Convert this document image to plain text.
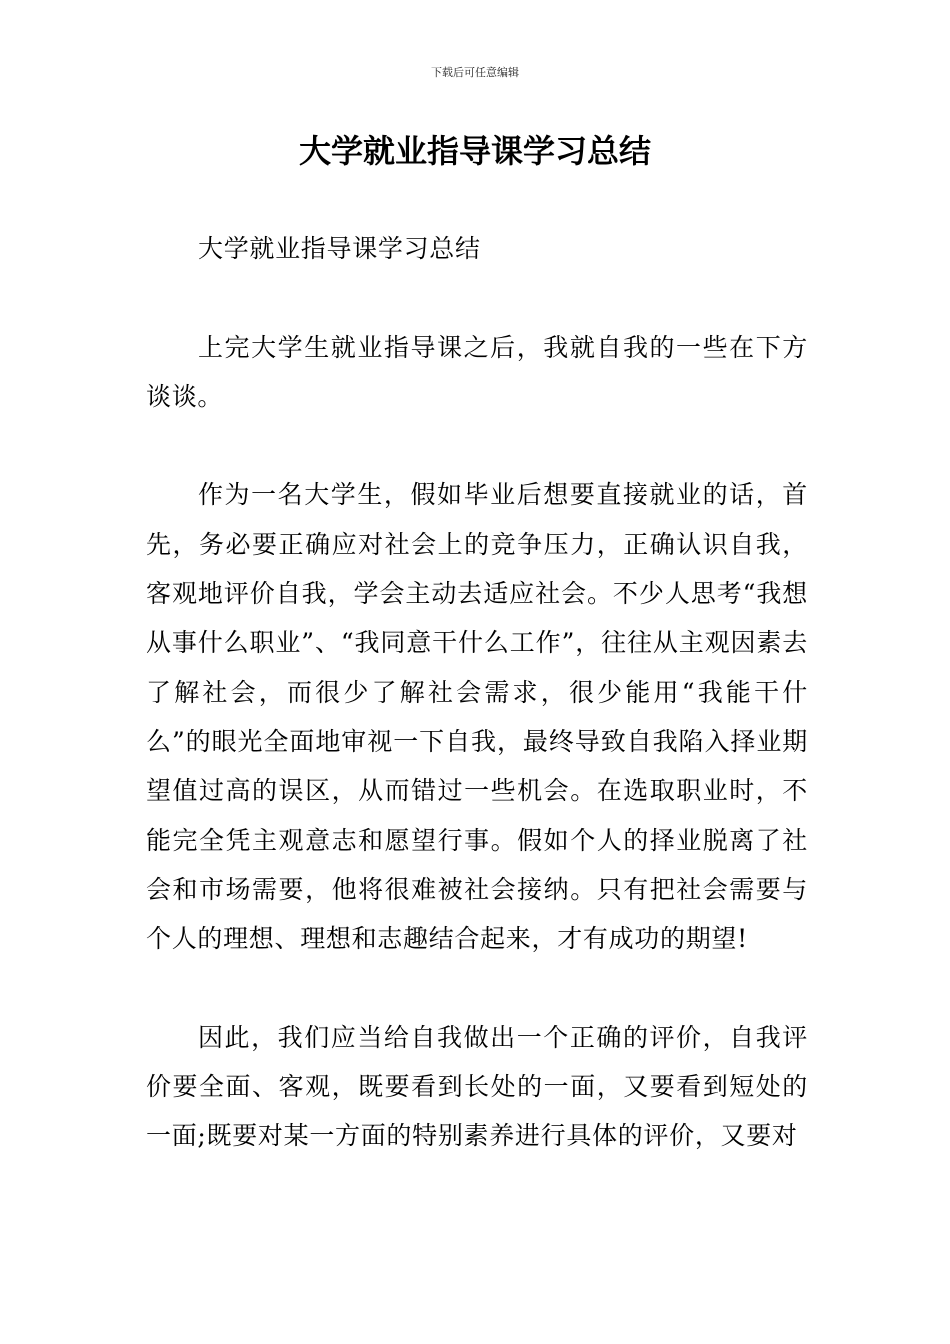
下载后可任意编辑
大学就业指导课学习总结

大学就业指导课学习总结

上完大学生就业指导课之后，我就自我的一些在下方谈谈。

作为一名大学生，假如毕业后想要直接就业的话，首先，务必要正确应对社会上的竞争压力，正确认识自我，客观地评价自我，学会主动去适应社会。不少人思考“我想从事什么职业”、“我同意干什么工作”，往往从主观因素去了解社会，而很少了解社会需求，很少能用“我能干什么”的眼光全面地审视一下自我，最终导致自我陷入择业期望值过高的误区，从而错过一些机会。在选取职业时，不能完全凭主观意志和愿望行事。假如个人的择业脱离了社会和市场需要，他将很难被社会接纳。只有把社会需要与个人的理想、理想和志趣结合起来，才有成功的期望!

因此，我们应当给自我做出一个正确的评价，自我评价要全面、客观，既要看到长处的一面，又要看到短处的一面;既要对某一方面的特别素养进行具体的评价，又要对
